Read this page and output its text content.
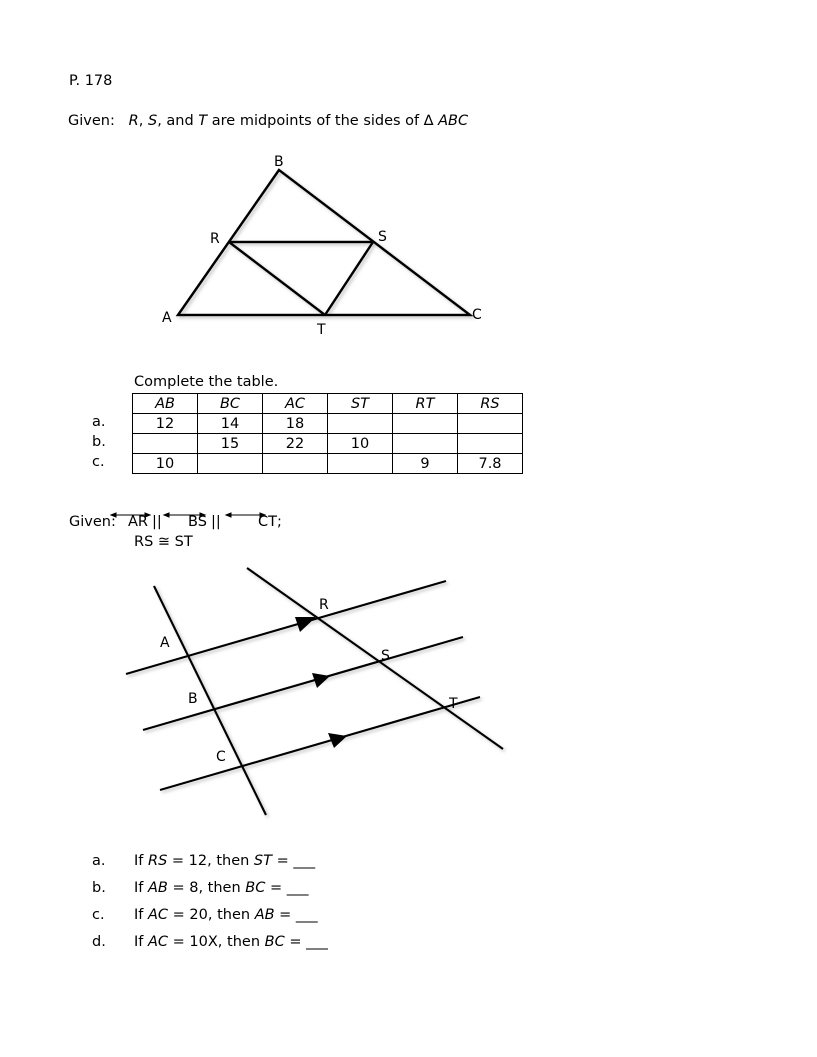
P. 178
Given: R, S, and T are midpoints of the sides of ∆ ABC
B
R	S
A
T
C
A
B
C
R
S
T
Complete the table.
a.
b.
c.
AB	BC	AC	ST	RT	RS
12	14	18			
	15	22	10		
10				9	7.8
Given: AR || BS ||	CT;
RS ≅ ST
a. If RS = 12, then ST = ___
b. If AB = 8, then BC = ___
c. If AC = 20, then AB = ___
d. If AC = 10X, then BC = ___
